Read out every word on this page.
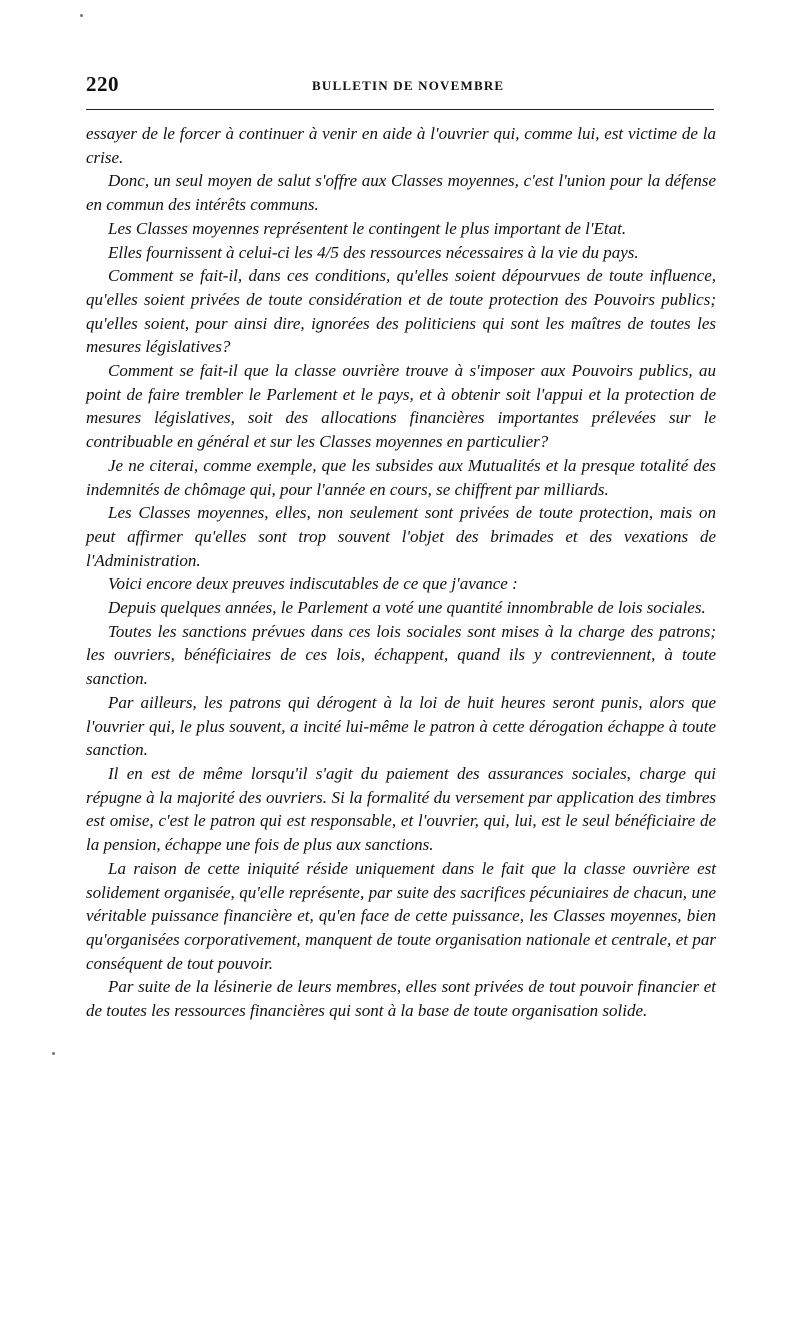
220	BULLETIN DE NOVEMBRE

essayer de le forcer à continuer à venir en aide à l'ouvrier qui, comme lui, est victime de la crise.

Donc, un seul moyen de salut s'offre aux Classes moyennes, c'est l'union pour la défense en commun des intérêts communs.

Les Classes moyennes représentent le contingent le plus important de l'Etat.

Elles fournissent à celui-ci les 4/5 des ressources nécessaires à la vie du pays.

Comment se fait-il, dans ces conditions, qu'elles soient dépourvues de toute influence, qu'elles soient privées de toute considération et de toute protection des Pouvoirs publics; qu'elles soient, pour ainsi dire, ignorées des politiciens qui sont les maîtres de toutes les mesures législatives?

Comment se fait-il que la classe ouvrière trouve à s'imposer aux Pouvoirs publics, au point de faire trembler le Parlement et le pays, et à obtenir soit l'appui et la protection de mesures législatives, soit des allocations financières importantes prélevées sur le contribuable en général et sur les Classes moyennes en particulier?

Je ne citerai, comme exemple, que les subsides aux Mutualités et la presque totalité des indemnités de chômage qui, pour l'année en cours, se chiffrent par milliards.

Les Classes moyennes, elles, non seulement sont privées de toute protection, mais on peut affirmer qu'elles sont trop souvent l'objet des brimades et des vexations de l'Administration.

Voici encore deux preuves indiscutables de ce que j'avance :

Depuis quelques années, le Parlement a voté une quantité innombrable de lois sociales.

Toutes les sanctions prévues dans ces lois sociales sont mises à la charge des patrons; les ouvriers, bénéficiaires de ces lois, échappent, quand ils y contreviennent, à toute sanction.

Par ailleurs, les patrons qui dérogent à la loi de huit heures seront punis, alors que l'ouvrier qui, le plus souvent, a incité lui-même le patron à cette dérogation échappe à toute sanction.

Il en est de même lorsqu'il s'agit du paiement des assurances sociales, charge qui répugne à la majorité des ouvriers. Si la formalité du versement par application des timbres est omise, c'est le patron qui est responsable, et l'ouvrier, qui, lui, est le seul bénéficiaire de la pension, échappe une fois de plus aux sanctions.

La raison de cette iniquité réside uniquement dans le fait que la classe ouvrière est solidement organisée, qu'elle représente, par suite des sacrifices pécuniaires de chacun, une véritable puissance financière et, qu'en face de cette puissance, les Classes moyennes, bien qu'organisées corporativement, manquent de toute organisation nationale et centrale, et par conséquent de tout pouvoir.

Par suite de la lésinerie de leurs membres, elles sont privées de tout pouvoir financier et de toutes les ressources financières qui sont à la base de toute organisation solide.
